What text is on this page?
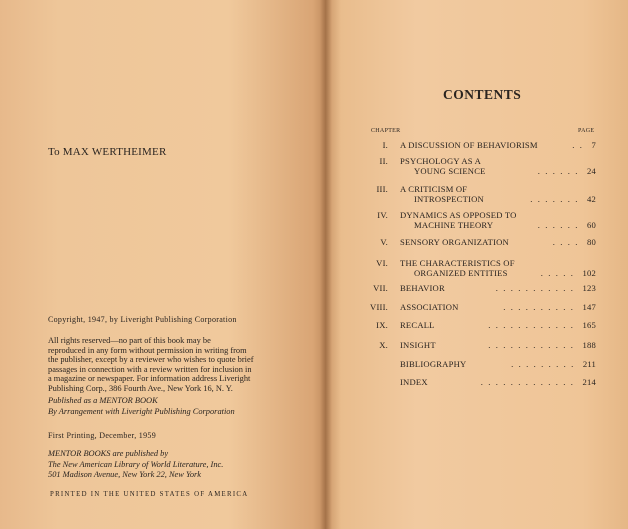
To MAX WERTHEIMER
Copyright, 1947, by Liveright Publishing Corporation
All rights reserved—no part of this book may be
reproduced in any form without permission in writing from
the publisher, except by a reviewer who wishes to quote brief
passages in connection with a review written for inclusion in
a magazine or newspaper. For information address Liveright
Publishing Corp., 386 Fourth Ave., New York 16, N. Y.
Published as a MENTOR BOOK
By Arrangement with Liveright Publishing Corporation
First Printing, December, 1959
MENTOR BOOKS are published by
The New American Library of World Literature, Inc.
501 Madison Avenue, New York 22, New York
PRINTED IN THE UNITED STATES OF AMERICA
CONTENTS
CHAPTER	PAGE
I. A DISCUSSION OF BEHAVIORISM	. . 7
II. PSYCHOLOGY AS A
YOUNG SCIENCE	. . . . . . 24
III. A CRITICISM OF
INTROSPECTION	. . . . . . . 42
IV. DYNAMICS AS OPPOSED TO
MACHINE THEORY	. . . . . . 60
V. SENSORY ORGANIZATION	. . . . 80
VI. THE CHARACTERISTICS OF
ORGANIZED ENTITIES	. . . . . 102
VII. BEHAVIOR	. . . . . . . . . . . 123
VIII. ASSOCIATION	. . . . . . . . . . 147
IX. RECALL	. . . . . . . . . . . . 165
X. INSIGHT	. . . . . . . . . . . . 188
BIBLIOGRAPHY	. . . . . . . . . 211
INDEX	. . . . . . . . . . . . . 214
